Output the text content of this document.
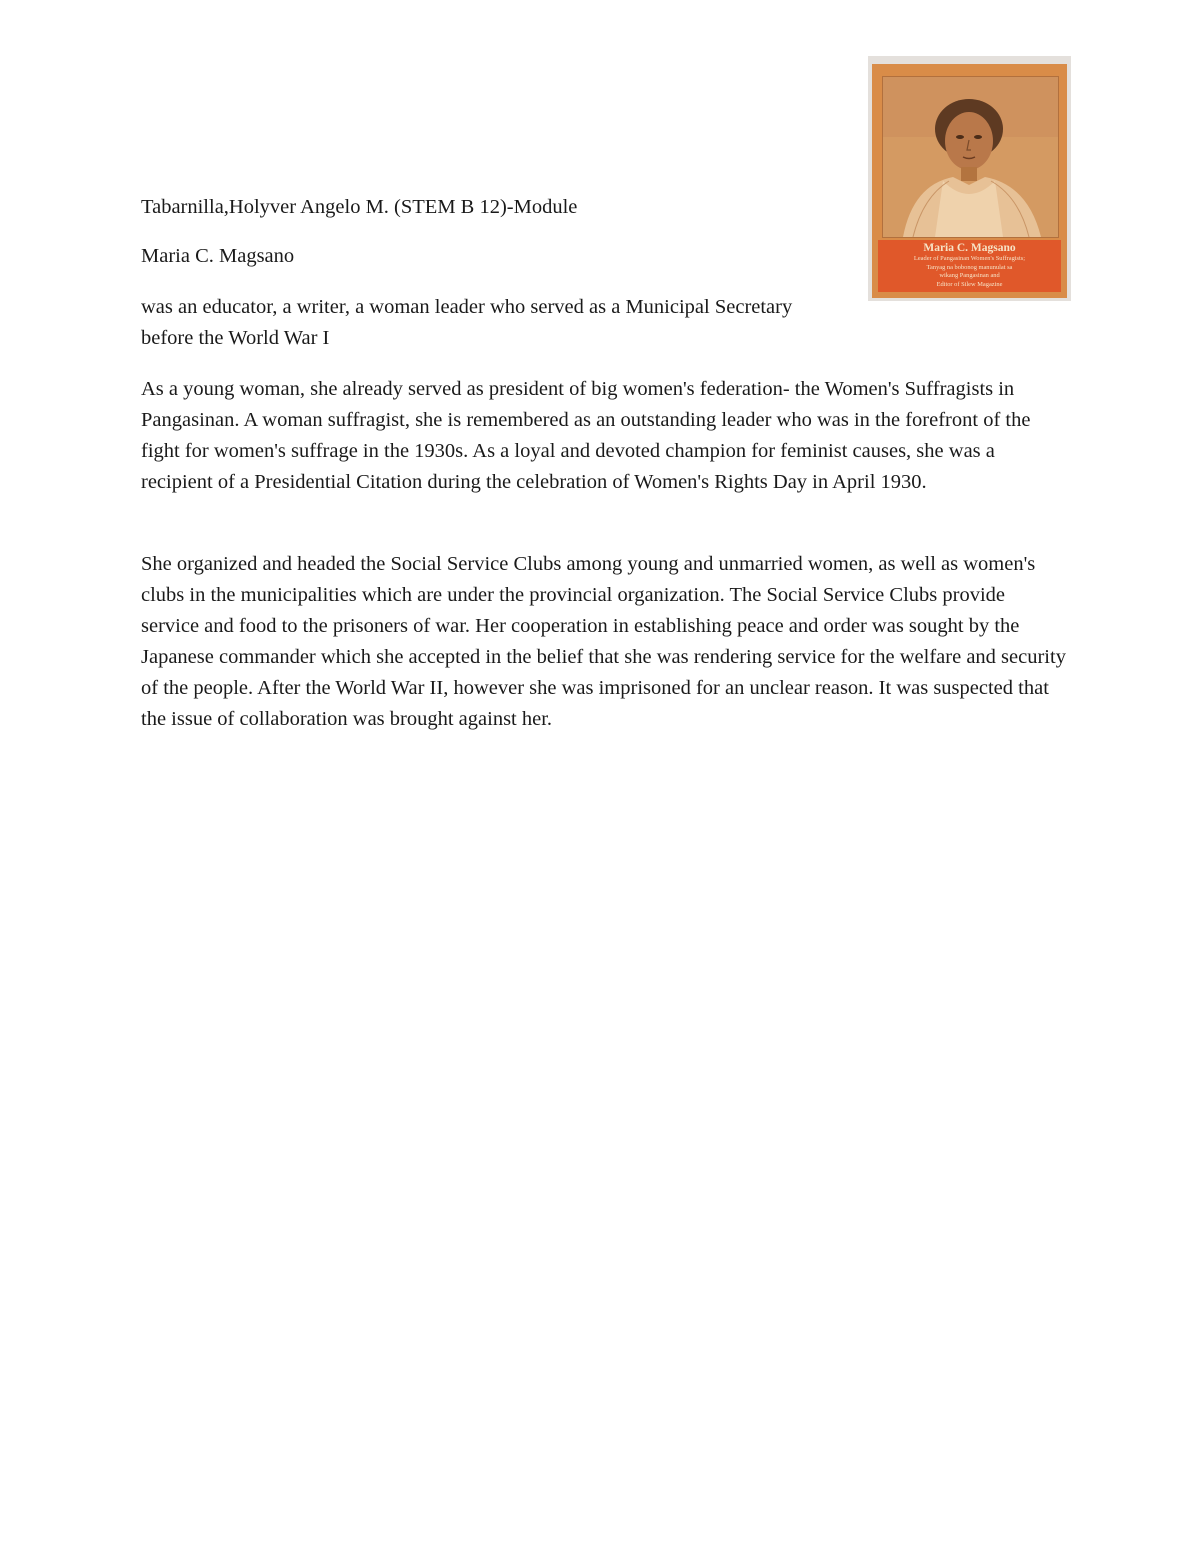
Tabarnilla,Holyver Angelo M. (STEM B 12)-Module

Maria C. Magsano

was an educator, a writer, a woman leader who served as a Municipal Secretary before the World War I

As a young woman, she already served as president of big women's federation- the Women's Suffragists in Pangasinan. A woman suffragist, she is remembered as an outstanding leader who was in the forefront of the fight for women's suffrage in the 1930s. As a loyal and devoted champion for feminist causes, she was a recipient of a Presidential Citation during the celebration of Women's Rights Day in April 1930.

She organized and headed the Social Service Clubs among young and unmarried women, as well as women's clubs in the municipalities which are under the provincial organization. The Social Service Clubs provide service and food to the prisoners of war. Her cooperation in establishing peace and order was sought by the Japanese commander which she accepted in the belief that she was rendering service for the welfare and security of the people. After the World War II, however she was imprisoned for an unclear reason. It was suspected that the issue of collaboration was brought against her.

Maria C. Magsano
Leader of Pangasinan Women's Suffragists;
Tanyag na bobonog manunulat sa
wikang Pangasinan and
Editor of Silew Magazine
